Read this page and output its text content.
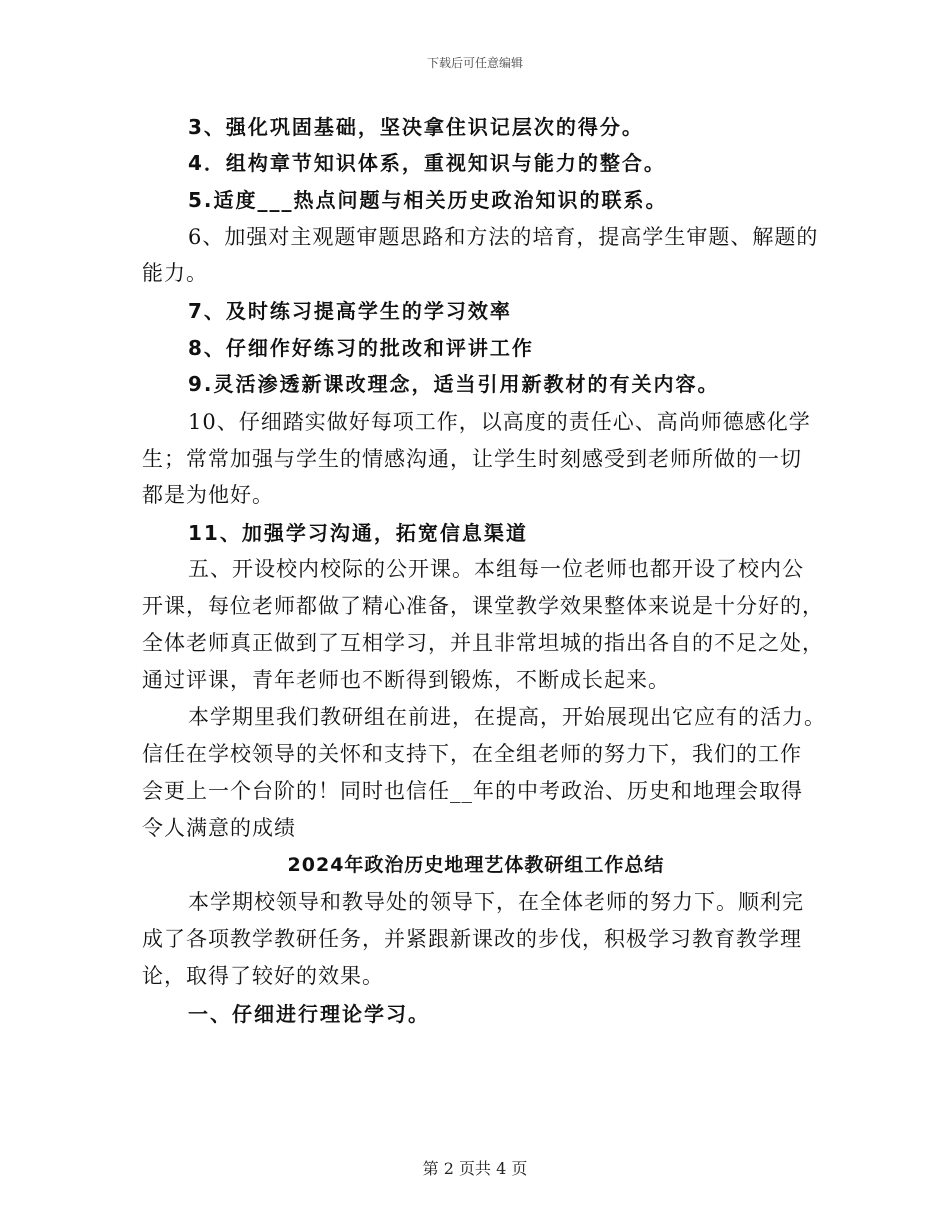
下载后可任意编辑
3、强化巩固基础，坚决拿住识记层次的得分。
4．组构章节知识体系，重视知识与能力的整合。
5.适度___热点问题与相关历史政治知识的联系。
6、加强对主观题审题思路和方法的培育，提高学生审题、解题的
能力。
7、及时练习提高学生的学习效率
8、仔细作好练习的批改和评讲工作
9.灵活渗透新课改理念，适当引用新教材的有关内容。
10、仔细踏实做好每项工作，以高度的责任心、高尚师德感化学
生；常常加强与学生的情感沟通，让学生时刻感受到老师所做的一切
都是为他好。
11、加强学习沟通，拓宽信息渠道
五、开设校内校际的公开课。本组每一位老师也都开设了校内公
开课，每位老师都做了精心准备，课堂教学效果整体来说是十分好的，
全体老师真正做到了互相学习，并且非常坦城的指出各自的不足之处，
通过评课，青年老师也不断得到锻炼，不断成长起来。
本学期里我们教研组在前进，在提高，开始展现出它应有的活力。
信任在学校领导的关怀和支持下，在全组老师的努力下，我们的工作
会更上一个台阶的！同时也信任__年的中考政治、历史和地理会取得
令人满意的成绩
2024年政治历史地理艺体教研组工作总结
本学期校领导和教导处的领导下，在全体老师的努力下。顺利完
成了各项教学教研任务，并紧跟新课改的步伐，积极学习教育教学理
论，取得了较好的效果。
一、仔细进行理论学习。
第 2 页共 4 页
